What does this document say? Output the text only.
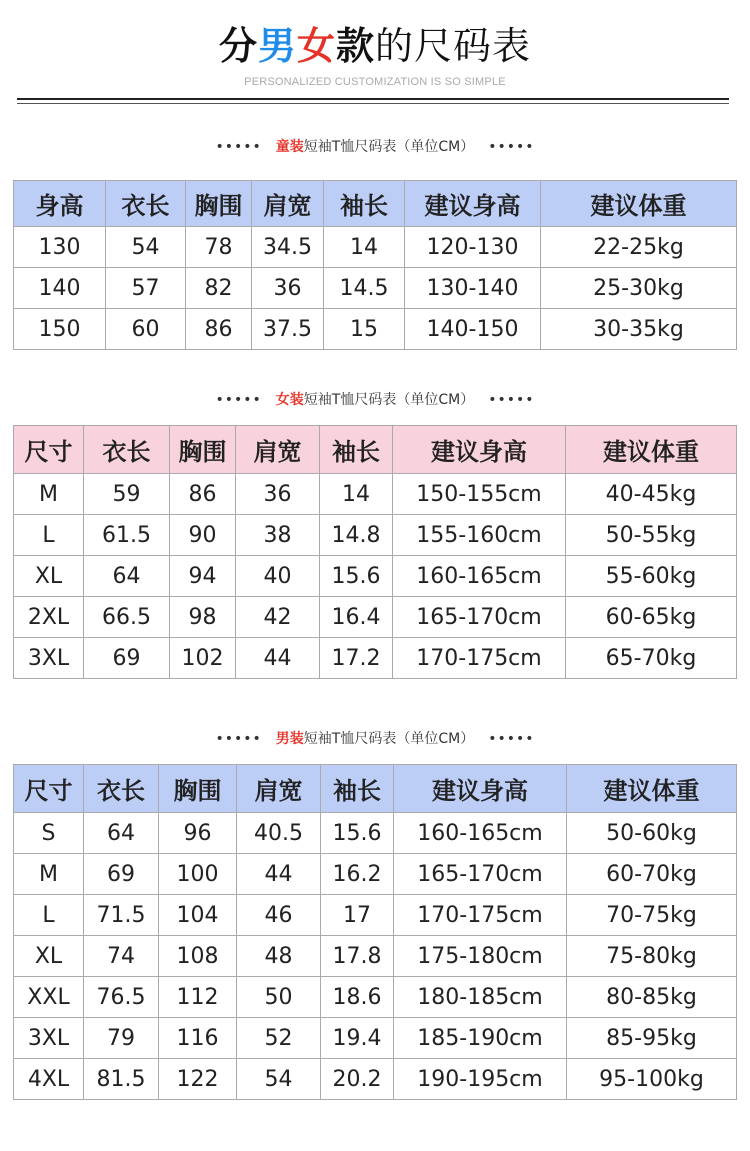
分男女款的尺码表
PERSONALIZED CUSTOMIZATION IS SO SIMPLE
••••• 童装短袖T恤尺码表（单位CM） •••••
身高	衣长	胸围	肩宽	袖长	建议身高	建议体重
130	54	78	34.5	14	120-130	22-25kg
140	57	82	36	14.5	130-140	25-30kg
150	60	86	37.5	15	140-150	30-35kg
••••• 女装短袖T恤尺码表（单位CM） •••••
尺寸	衣长	胸围	肩宽	袖长	建议身高	建议体重
M	59	86	36	14	150-155cm	40-45kg
L	61.5	90	38	14.8	155-160cm	50-55kg
XL	64	94	40	15.6	160-165cm	55-60kg
2XL	66.5	98	42	16.4	165-170cm	60-65kg
3XL	69	102	44	17.2	170-175cm	65-70kg
••••• 男装短袖T恤尺码表（单位CM） •••••
尺寸	衣长	胸围	肩宽	袖长	建议身高	建议体重
S	64	96	40.5	15.6	160-165cm	50-60kg
M	69	100	44	16.2	165-170cm	60-70kg
L	71.5	104	46	17	170-175cm	70-75kg
XL	74	108	48	17.8	175-180cm	75-80kg
XXL	76.5	112	50	18.6	180-185cm	80-85kg
3XL	79	116	52	19.4	185-190cm	85-95kg
4XL	81.5	122	54	20.2	190-195cm	95-100kg
